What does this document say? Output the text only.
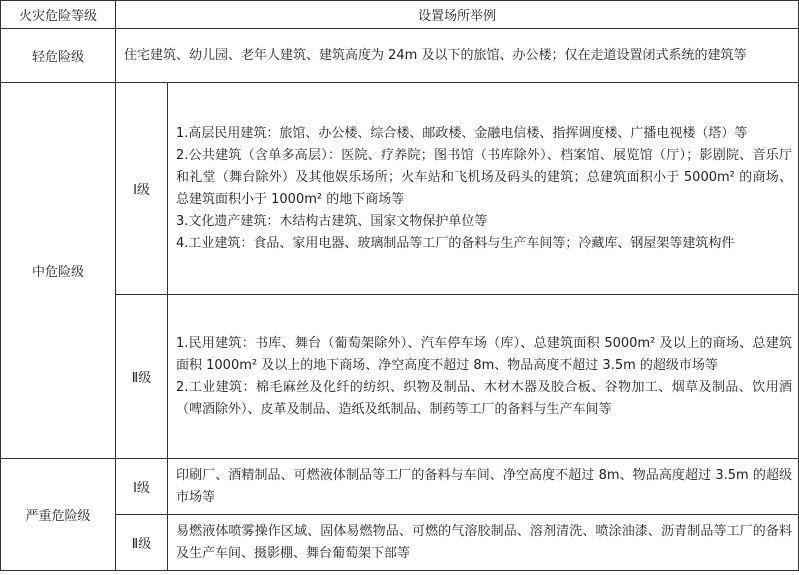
火灾危险等级	设置场所举例	
轻危险级	住宅建筑、幼儿园、老年人建筑、建筑高度为 24m 及以下的旅馆、办公楼；仅在走道设置闭式系统的建筑等	
中危险级	Ⅰ级	1.高层民用建筑：旅馆、办公楼、综合楼、邮政楼、金融电信楼、指挥调度楼、广播电视楼（塔）等
2.公共建筑（含单多高层）：医院、疗养院；图书馆（书库除外）、档案馆、展览馆（厅）；影剧院、音乐厅和礼堂（舞台除外）及其他娱乐场所；火车站和飞机场及码头的建筑；总建筑面积小于 5000m² 的商场、总建筑面积小于 1000m² 的地下商场等
3.文化遗产建筑：木结构古建筑、国家文物保护单位等
4.工业建筑：食品、家用电器、玻璃制品等工厂的备料与生产车间等；冷藏库、钢屋架等建筑构件

	Ⅱ级	1.民用建筑：书库、舞台（葡萄架除外）、汽车停车场（库）、总建筑面积 5000m² 及以上的商场、总建筑面积 1000m² 及以上的地下商场、净空高度不超过 8m、物品高度不超过 3.5m 的超级市场等
2.工业建筑：棉毛麻丝及化纤的纺织、织物及制品、木材木器及胶合板、谷物加工、烟草及制品、饮用酒（啤酒除外）、皮革及制品、造纸及纸制品、制药等工厂的备料与生产车间等

严重危险级	Ⅰ级	印刷厂、酒精制品、可燃液体制品等工厂的备料与车间、净空高度不超过 8m、物品高度超过 3.5m 的超级市场等
	Ⅱ级	易燃液体喷雾操作区域、固体易燃物品、可燃的气溶胶制品、溶剂清洗、喷涂油漆、沥青制品等工厂的备料及生产车间、摄影棚、舞台葡萄架下部等
